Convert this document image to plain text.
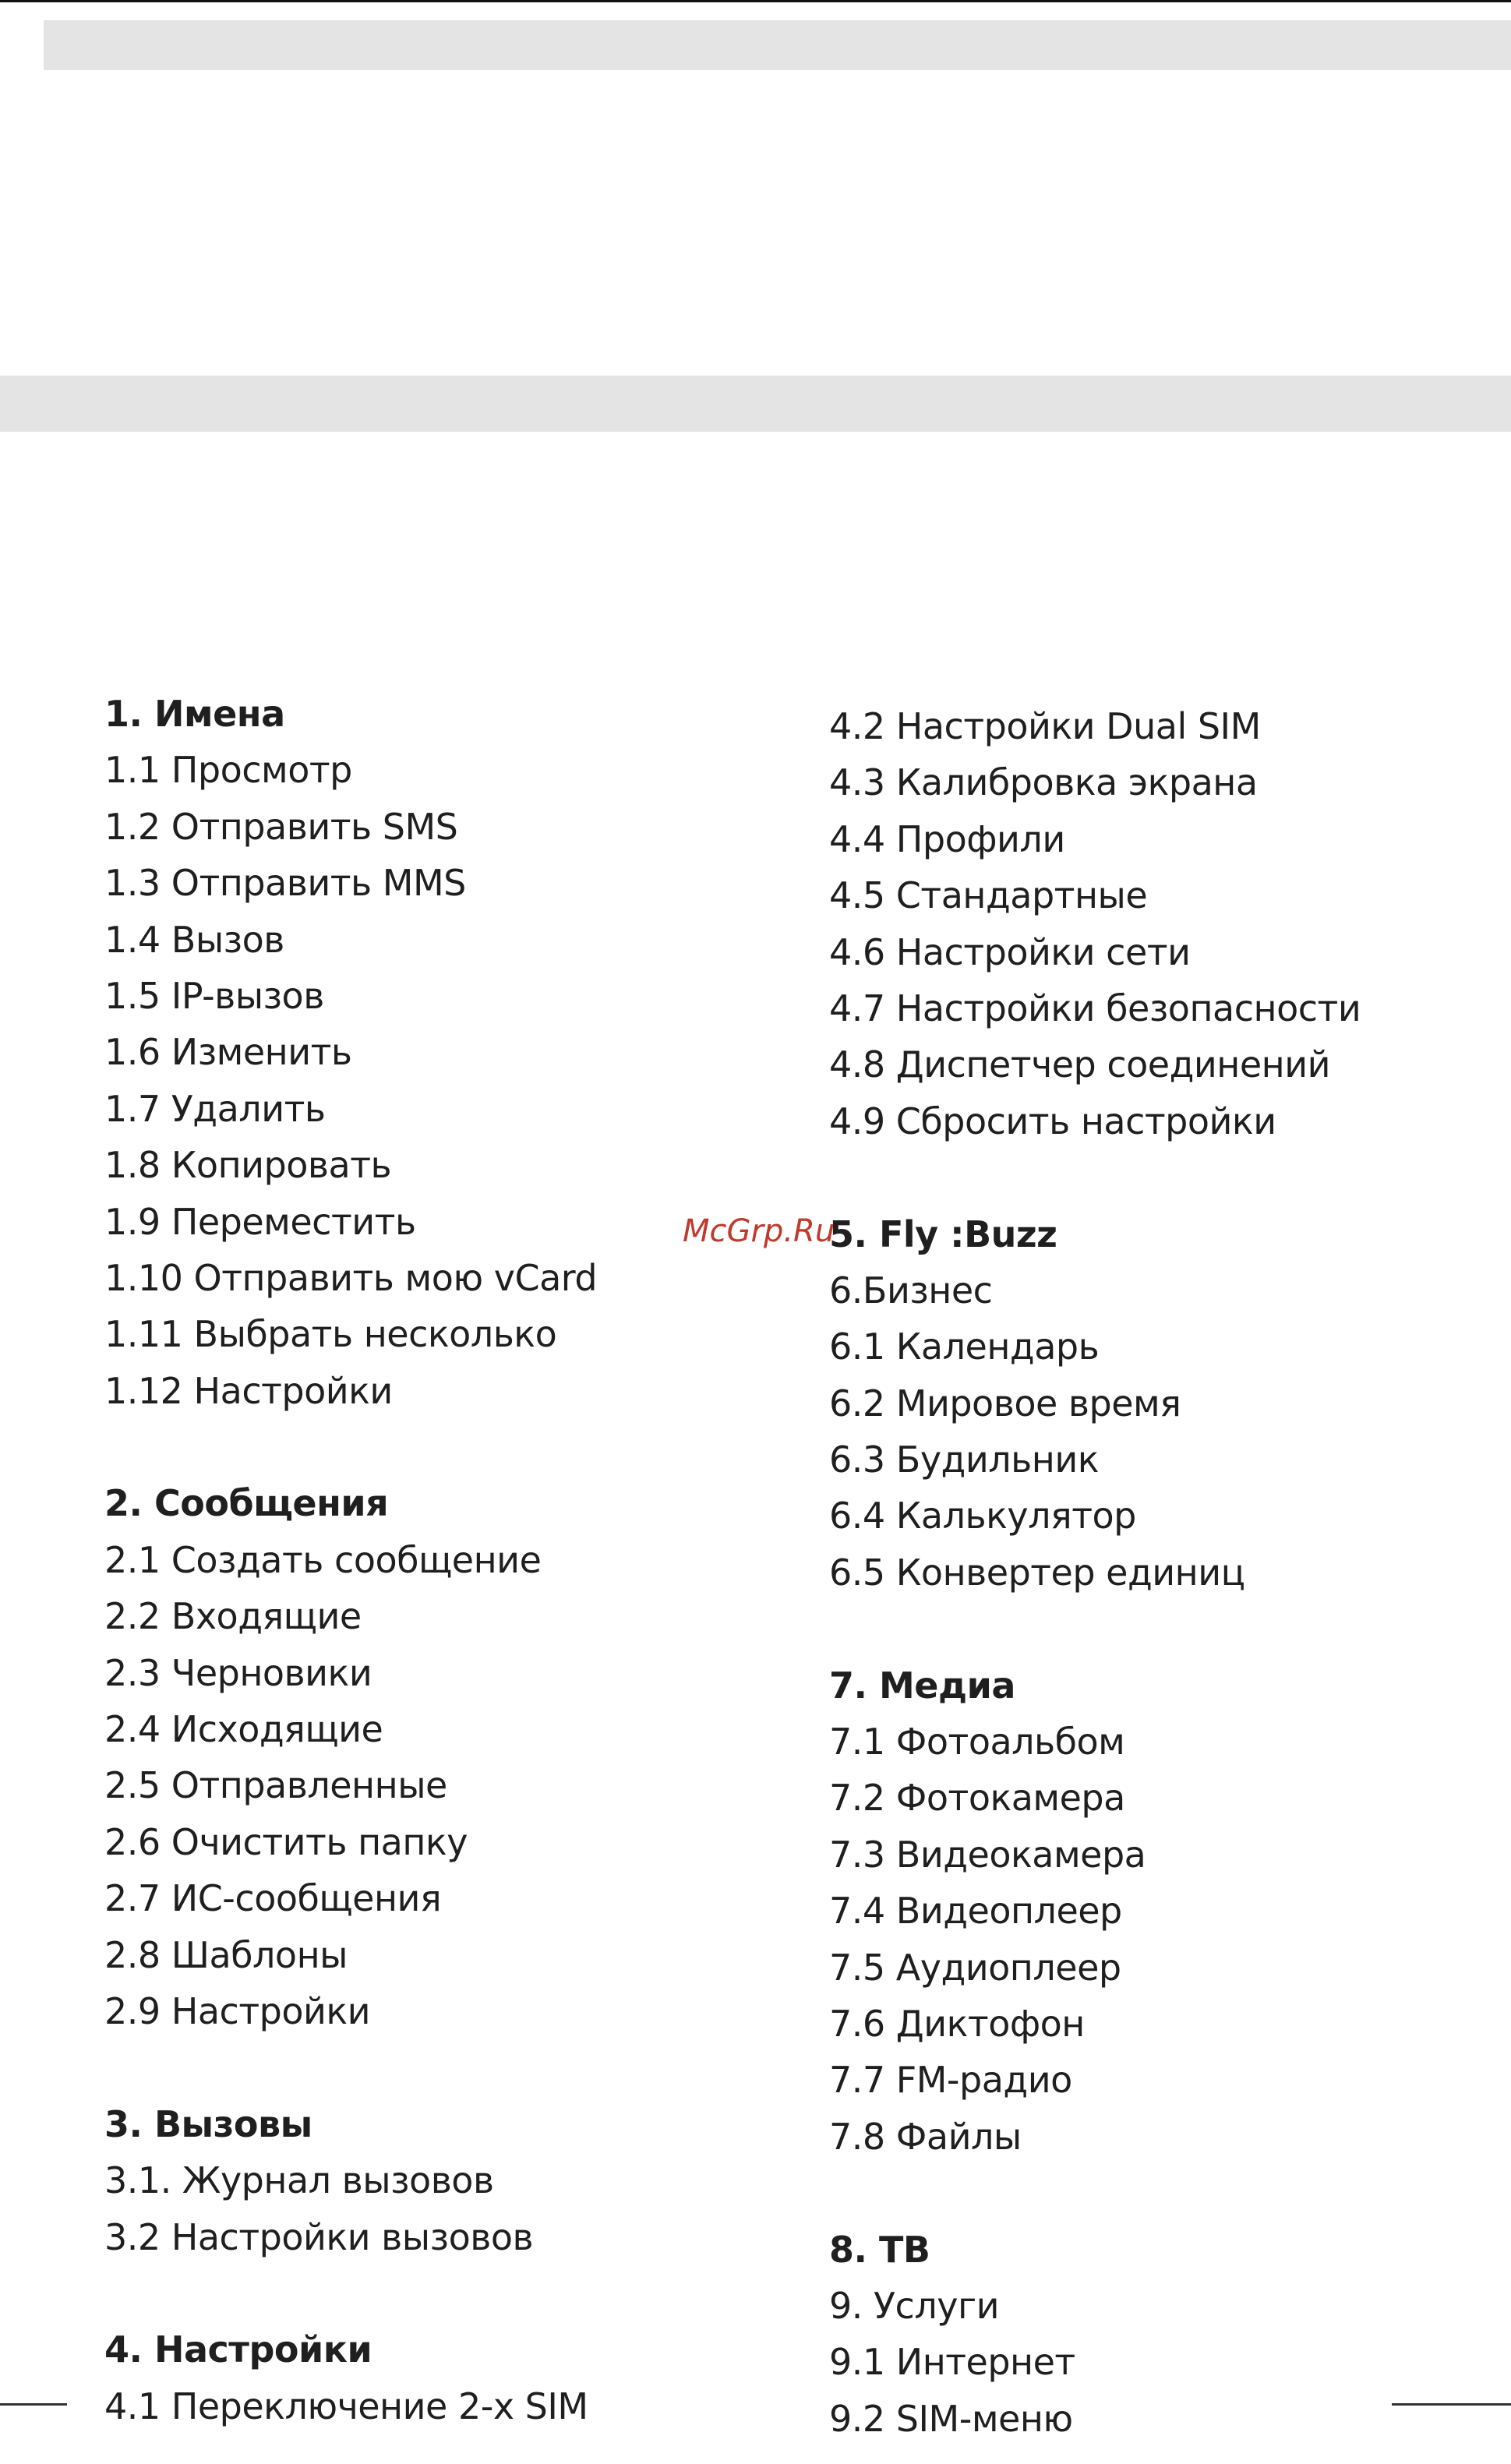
1. Имена
1.1 Просмотр
1.2 Отправить SMS
1.3 Отправить MMS
1.4 Вызов
1.5 IP-вызов
1.6 Изменить
1.7 Удалить
1.8 Копировать
1.9 Переместить
1.10 Отправить мою vCard
1.11 Выбрать несколько
1.12 Настройки
2. Сообщения
2.1 Создать сообщение
2.2 Входящие
2.3 Черновики
2.4 Исходящие
2.5 Отправленные
2.6 Очистить папку
2.7 ИС-сообщения
2.8 Шаблоны
2.9 Настройки
3. Вызовы
3.1. Журнал вызовов
3.2 Настройки вызовов
4. Настройки
4.1 Переключение 2-х SIM
4.2 Настройки Dual SIM
4.3 Калибровка экрана
4.4 Профили
4.5 Стандартные
4.6 Настройки сети
4.7 Настройки безопасности
4.8 Диспетчер соединений
4.9 Сбросить настройки
5. Fly :Buzz
6.Бизнес
6.1 Календарь
6.2 Мировое время
6.3 Будильник
6.4 Калькулятор
6.5 Конвертер единиц
7. Медиа
7.1 Фотоальбом
7.2 Фотокамера
7.3 Видеокамера
7.4 Видеоплеер
7.5 Аудиоплеер
7.6 Диктофон
7.7 FM-радио
7.8 Файлы
8. ТВ
9. Услуги
9.1 Интернет
9.2 SIM-меню
McGrp.Ru
